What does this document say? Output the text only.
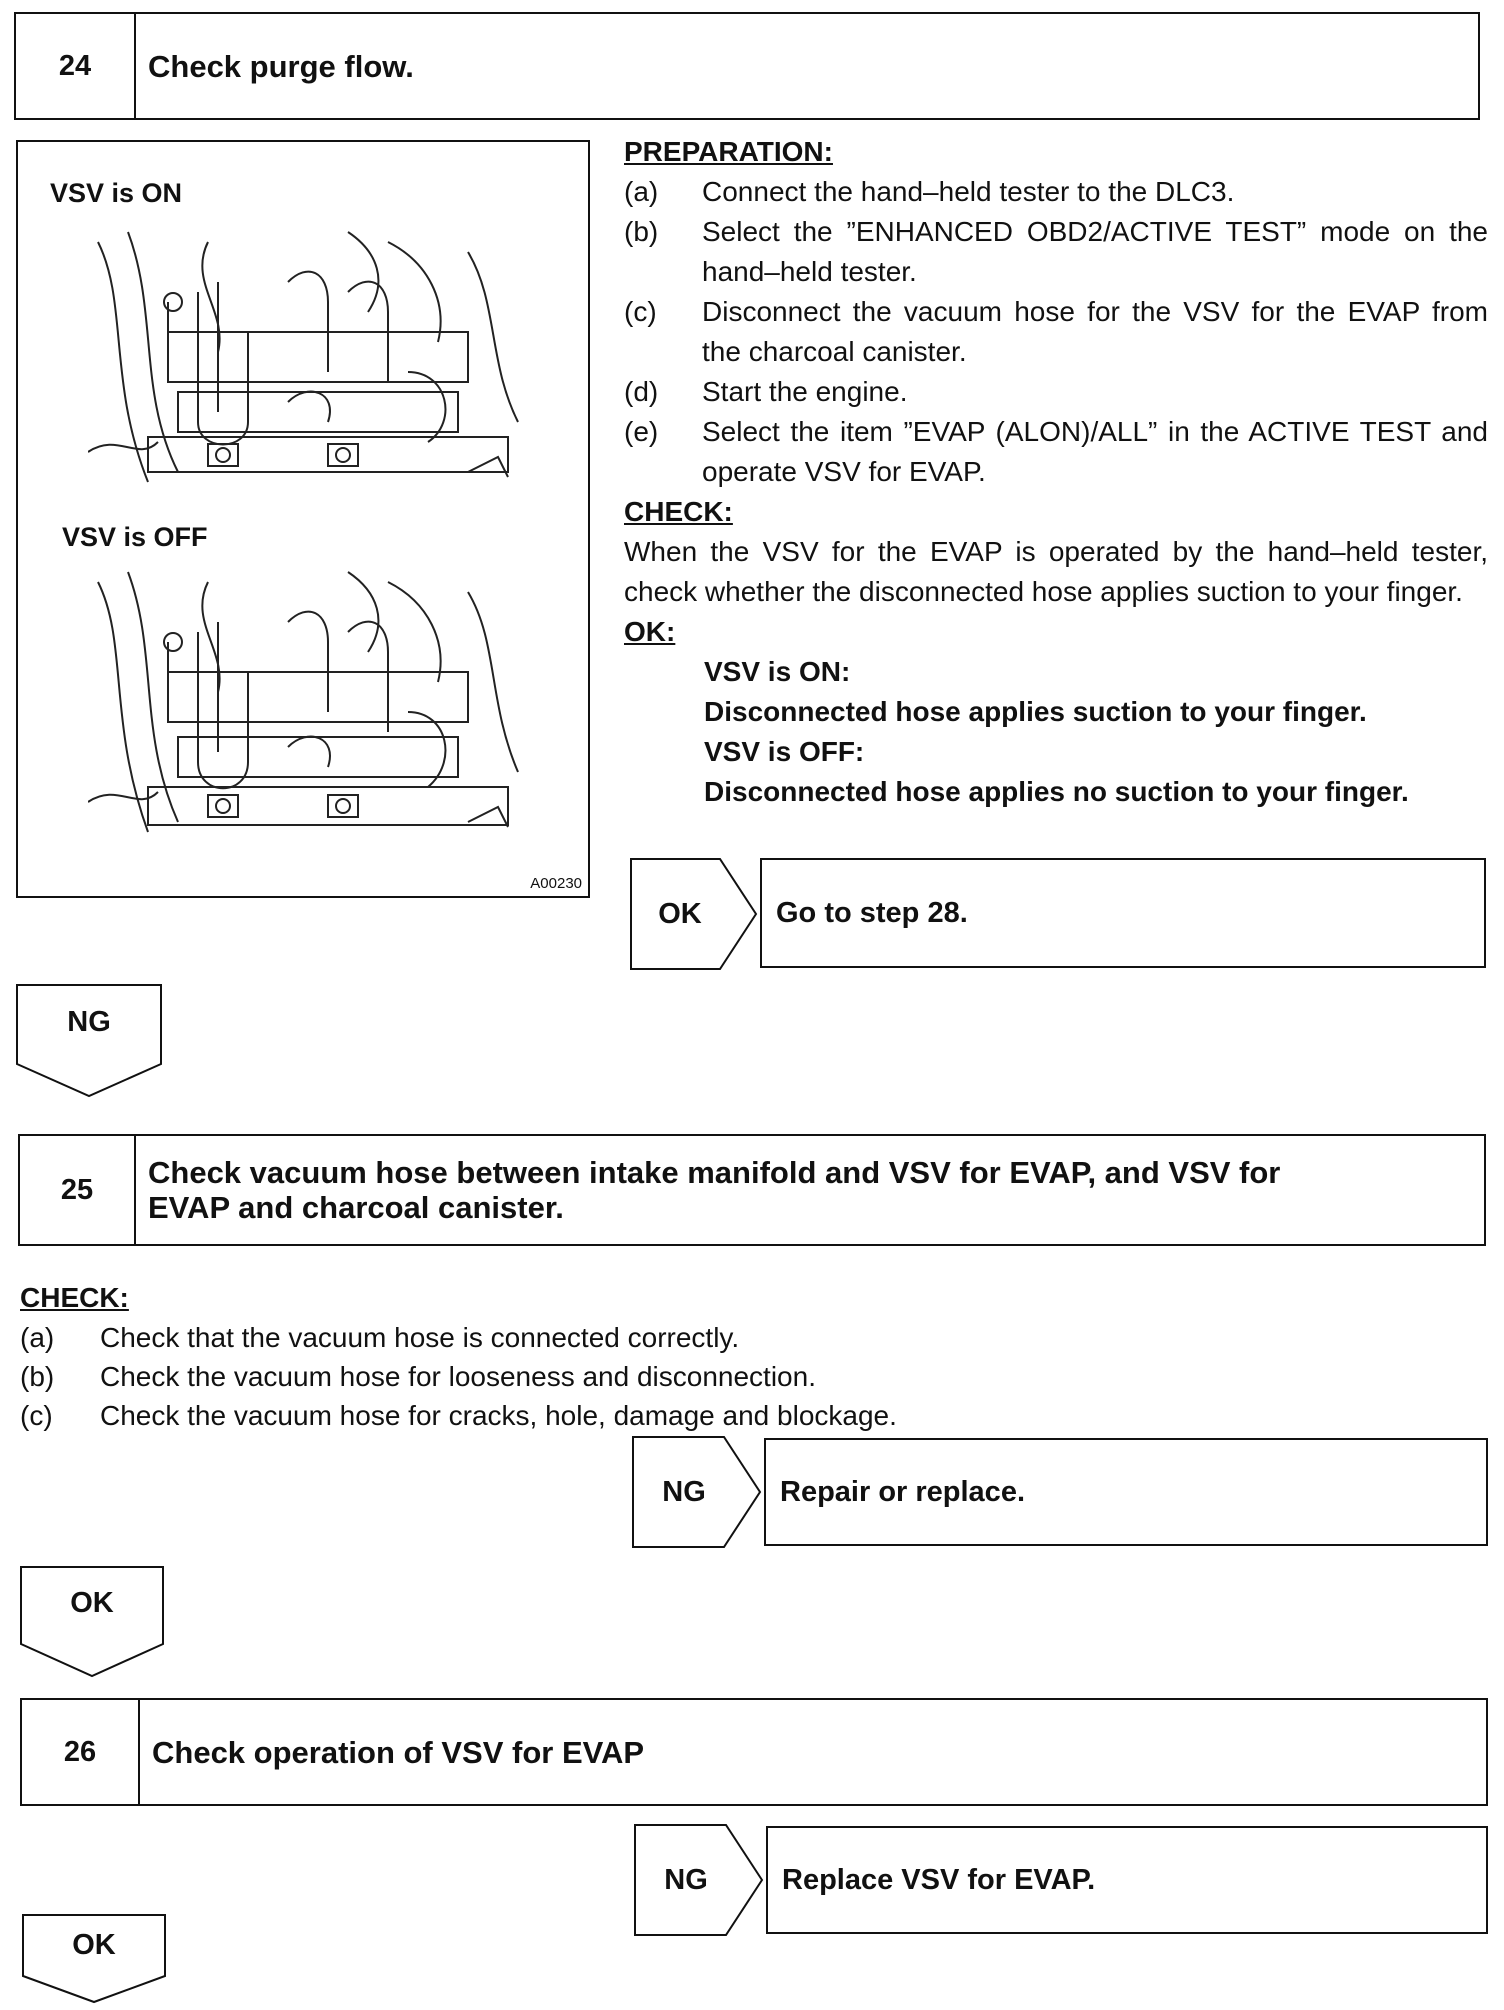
24	Check purge flow.
VSV is ON
VSV is OFF
A00230
PREPARATION:
(a)	Connect the hand–held tester to the DLC3.
(b)	Select the ”ENHANCED OBD2/ACTIVE TEST” mode on the hand–held tester.
(c)	Disconnect the vacuum hose for the VSV for the EVAP from the charcoal canister.
(d)	Start the engine.
(e)	Select the item ”EVAP (ALON)/ALL” in the ACTIVE TEST and operate VSV for EVAP.
CHECK:
When the VSV for the EVAP is operated by the hand–held tester, check whether the disconnected hose applies suction to your finger.
OK:
VSV is ON:
Disconnected hose applies suction to your finger.
VSV is OFF:
Disconnected hose applies no suction to your finger.
OK	Go to step 28.
NG
25	Check vacuum hose between intake manifold and VSV for EVAP, and VSV for
EVAP and charcoal canister.
CHECK:
(a)	Check that the vacuum hose is connected correctly.
(b)	Check the vacuum hose for looseness and disconnection.
(c)	Check the vacuum hose for cracks, hole, damage and blockage.
NG	Repair or replace.
OK
26	Check operation of VSV for EVAP
NG	Replace VSV for EVAP.
OK
